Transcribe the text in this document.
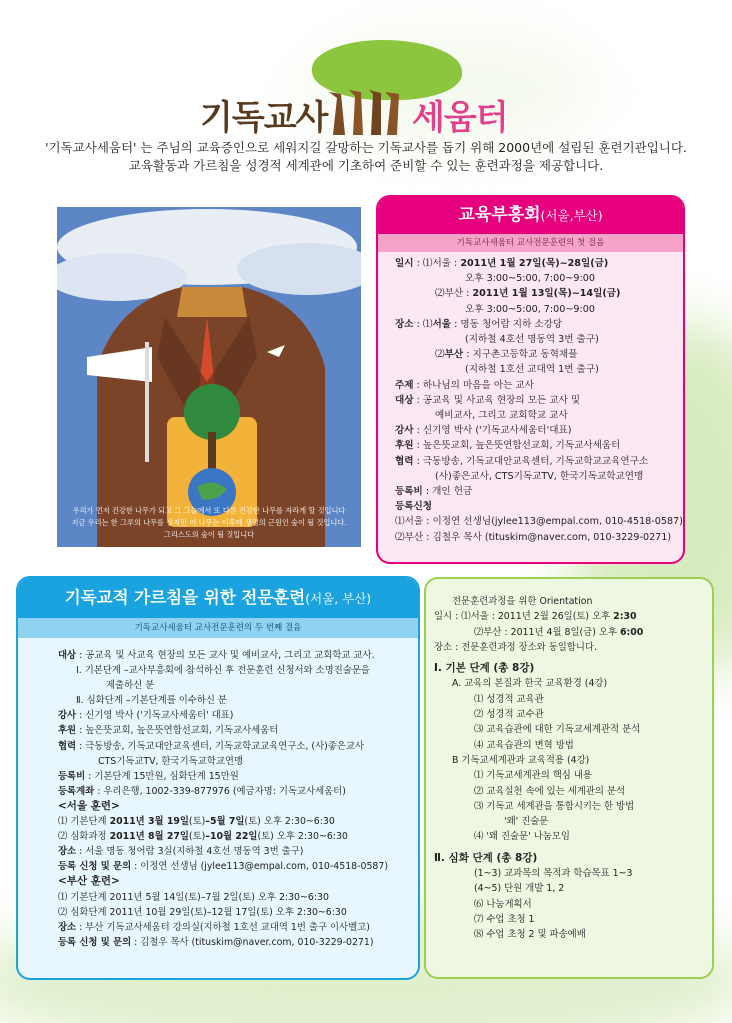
기독교사 세움터
'기독교사세움터' 는 주님의 교육증인으로 세워지길 갈망하는 기독교사를 돕기 위해 2000년에 설립된 훈련기관입니다.
교육활동과 가르침을 성경적 세계관에 기초하여 준비할 수 있는 훈련과정을 제공합니다.
우리가 먼저 건강한 나무가 되고 그 그늘에서 또 다른 건강한 나무를 자라게 할 것입니다
지금 우리는 한 그루의 나무를 심지만 이 나무는 이후에 생명의 근원인 숲이 될 것입니다.
그리스도의 숲이 될 것입니다
교육부흥회(서울,부산)
기독교사세움터 교사전문훈련의 첫 걸음
일시 : ⑴서울 : 2011년 1월 27일(목)~28일(금)
오후 3:00~5:00, 7:00~9:00
⑵부산 : 2011년 1월 13일(목)~14일(금)
오후 3:00~5:00, 7:00~9:00
장소 : ⑴서울 : 명동 청어람 지하 소강당
(지하철 4호선 명동역 3번 출구)
⑵부산 : 지구촌고등학교 동혁채플
(지하철 1호선 교대역 1번 출구)
주제 : 하나님의 마음을 아는 교사
대상 : 공교육 및 사교육 현장의 모든 교사 및
예비교사, 그리고 교회학교 교사
강사 : 신기영 박사 ('기독교사세움터'대표)
후원 : 높은뜻교회, 높은뜻연합선교회, 기독교사세움터
협력 : 극동방송, 기독교대안교육센터, 기독교학교교육연구소
(사)좋은교사, CTS기독교TV, 한국기독교학교연맹
등록비 : 개인 헌금
등록신청
⑴서울 : 이정연 선생님(jylee113@empal.com, 010-4518-0587)
⑵부산 : 김철우 목사 (tituskim@naver.com, 010-3229-0271)
기독교적 가르침을 위한 전문훈련(서울, 부산)
기독교사세움터 교사전문훈련의 두 번째 걸음
대상 : 공교육 및 사교육 현장의 모든 교사 및 예비교사, 그리고 교회학교 교사.
Ⅰ. 기본단계 –교사부흥회에 참석하신 후 전문훈련 신청서와 소명진술문을
제출하신 분
Ⅱ. 심화단계 –기본단계를 이수하신 분
강사 : 신기영 박사 ('기독교사세움터' 대표)
후원 : 높은뜻교회, 높은뜻연합선교회, 기독교사세움터
협력 : 극동방송, 기독교대안교육센터, 기독교학교교육연구소, (사)좋은교사
CTS기독교TV, 한국기독교학교연맹
등록비 : 기본단계 15만원, 심화단계 15만원
등록계좌 : 우리은행, 1002-339-877976 (예금자명: 기독교사세움터)
<서울 훈련>
⑴ 기본단계 2011년 3월 19일(토)–5월 7일(토) 오후 2:30~6:30
⑵ 심화과정 2011년 8월 27일(토)–10월 22일(토) 오후 2:30~6:30
장소 : 서울 명동 청어람 3실(지하철 4호선 명동역 3번 출구)
등록 신청 및 문의 : 이정연 선생님 (jylee113@empal.com, 010-4518-0587)
<부산 훈련>
⑴ 기본단계 2011년 5월 14일(토)–7월 2일(토) 오후 2:30~6:30
⑵ 심화단계 2011년 10월 29일(토)–12월 17일(토) 오후 2:30~6:30
장소 : 부산 기독교사세움터 강의실(지하철 1호선 교대역 1번 출구 이사벨고)
등록 신청 및 문의 : 김철우 목사 (tituskim@naver.com, 010-3229-0271)
전문훈련과정을 위한 Orientation
일시 : ⑴서울 : 2011년 2월 26일(토) 오후 2:30
⑵부산 : 2011년 4월 8일(금) 오후 6:00
장소 : 전문훈련과정 장소와 동일합니다.
Ⅰ. 기본 단계 (총 8강)
A. 교육의 본질과 한국 교육환경 (4강)
⑴ 성경적 교육관
⑵ 성경적 교수관
⑶ 교육습관에 대한 기독교세계관적 분석
⑷ 교육습관의 변혁 방법
B 기독교세계관과 교육적용 (4강)
⑴ 기독교세계관의 핵심 내용
⑵ 교육실천 속에 있는 세계관의 분석
⑶ 기독교 세계관을 통합시키는 한 방법
'왜' 진술문
⑷ '왜 진술문' 나눔모임
Ⅱ. 심화 단계 (총 8강)
(1~3) 교과목의 목적과 학습목표 1~3
(4~5) 단원 개발 1, 2
⑹ 나눔게획서
⑺ 수업 초청 1
⑻ 수업 초청 2 및 파송예배
